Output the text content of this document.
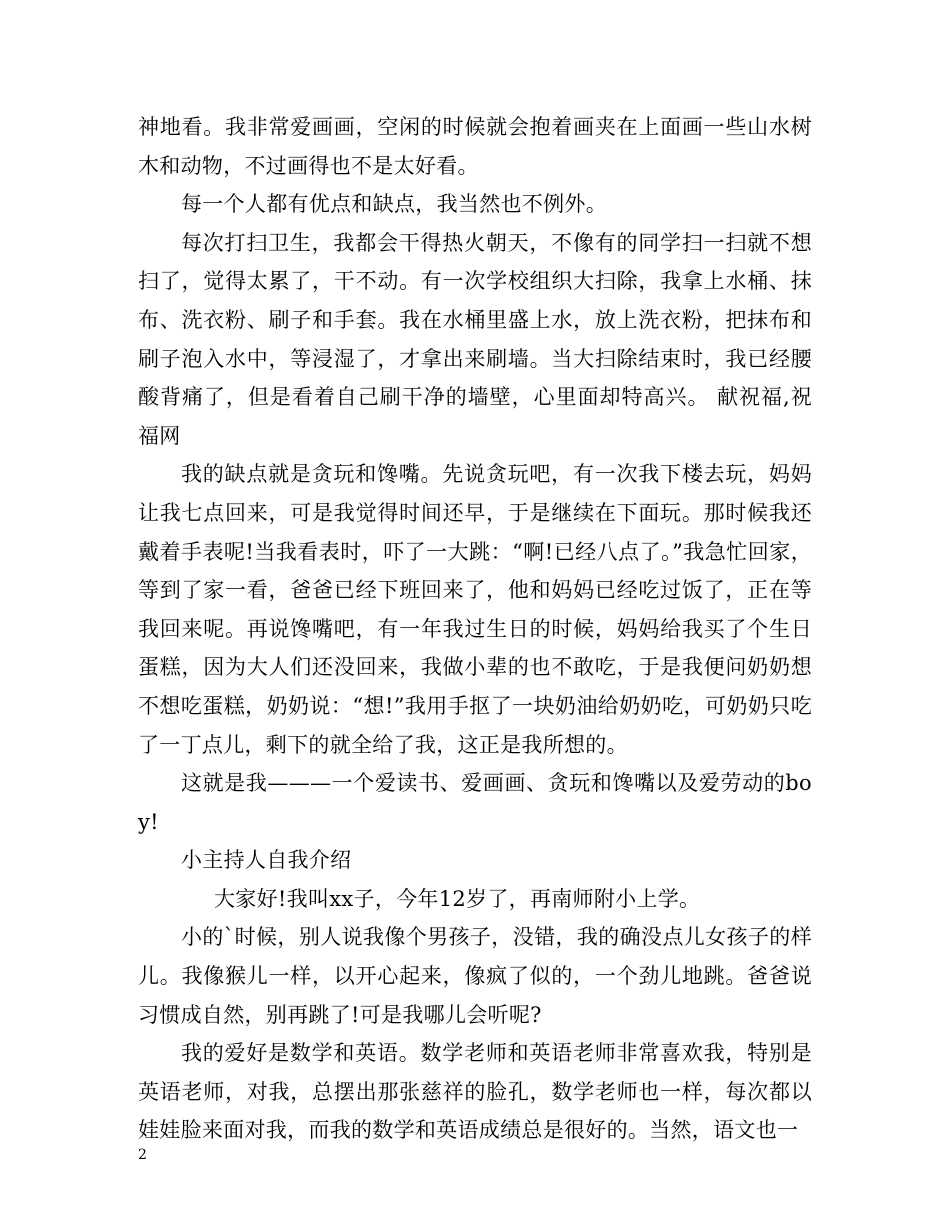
神地看。我非常爱画画，空闲的时候就会抱着画夹在上面画一些山水树木和动物，不过画得也不是太好看。

每一个人都有优点和缺点，我当然也不例外。

每次打扫卫生，我都会干得热火朝天，不像有的同学扫一扫就不想扫了，觉得太累了，干不动。有一次学校组织大扫除，我拿上水桶、抹布、洗衣粉、刷子和手套。我在水桶里盛上水，放上洗衣粉，把抹布和刷子泡入水中，等浸湿了，才拿出来刷墙。当大扫除结束时，我已经腰酸背痛了，但是看着自己刷干净的墙壁，心里面却特高兴。 献祝福,祝福网

我的缺点就是贪玩和馋嘴。先说贪玩吧，有一次我下楼去玩，妈妈让我七点回来，可是我觉得时间还早，于是继续在下面玩。那时候我还戴着手表呢!当我看表时，吓了一大跳：“啊!已经八点了。”我急忙回家，等到了家一看，爸爸已经下班回来了，他和妈妈已经吃过饭了，正在等我回来呢。再说馋嘴吧，有一年我过生日的时候，妈妈给我买了个生日蛋糕，因为大人们还没回来，我做小辈的也不敢吃，于是我便问奶奶想不想吃蛋糕，奶奶说：“想!”我用手抠了一块奶油给奶奶吃，可奶奶只吃了一丁点儿，剩下的就全给了我，这正是我所想的。

这就是我———一个爱读书、爱画画、贪玩和馋嘴以及爱劳动的boy!

小主持人自我介绍

大家好!我叫xx子，今年12岁了，再南师附小上学。

小的`时候，别人说我像个男孩子，没错，我的确没点儿女孩子的样儿。我像猴儿一样，以开心起来，像疯了似的，一个劲儿地跳。爸爸说习惯成自然，别再跳了!可是我哪儿会听呢?

我的爱好是数学和英语。数学老师和英语老师非常喜欢我，特别是英语老师，对我，总摆出那张慈祥的脸孔，数学老师也一样，每次都以娃娃脸来面对我，而我的数学和英语成绩总是很好的。当然，语文也一

2
